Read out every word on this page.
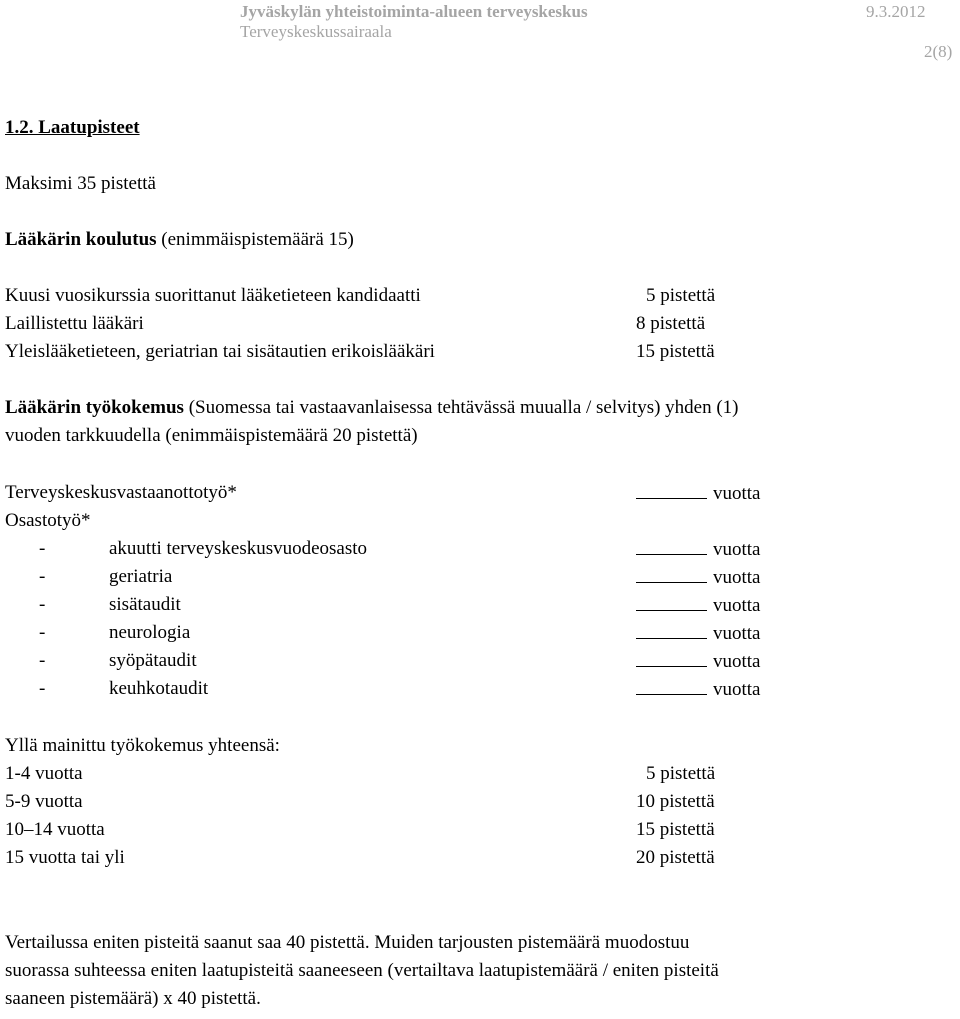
Jyväskylän yhteistoiminta-alueen terveyskeskus	9.3.2012
Terveyskeskussairaala
2(8)
1.2. Laatupisteet
Maksimi 35 pistettä
Lääkärin koulutus (enimmäispistemäärä 15)
Kuusi vuosikurssia suorittanut lääketieteen kandidaatti	5 pistettä
Laillistettu lääkäri	8 pistettä
Yleislääketieteen, geriatrian tai sisätautien erikoislääkäri	15 pistettä
Lääkärin työkokemus (Suomessa tai vastaavanlaisessa tehtävässä muualla / selvitys) yhden (1)
vuoden tarkkuudella (enimmäispistemäärä 20 pistettä)
Terveyskeskusvastaanottotyö*	vuotta
Osastotyö*
-	akuutti terveyskeskusvuodeosasto	vuotta
-	geriatria	vuotta
-	sisätaudit	vuotta
-	neurologia	vuotta
-	syöpätaudit	vuotta
-	keuhkotaudit	vuotta
Yllä mainittu työkokemus yhteensä:
1-4 vuotta	5 pistettä
5-9 vuotta	10 pistettä
10–14 vuotta	15 pistettä
15 vuotta tai yli	20 pistettä
Vertailussa eniten pisteitä saanut saa 40 pistettä. Muiden tarjousten pistemäärä muodostuu
suorassa suhteessa eniten laatupisteitä saaneeseen (vertailtava laatupistemäärä / eniten pisteitä
saaneen pistemäärä) x 40 pistettä.
